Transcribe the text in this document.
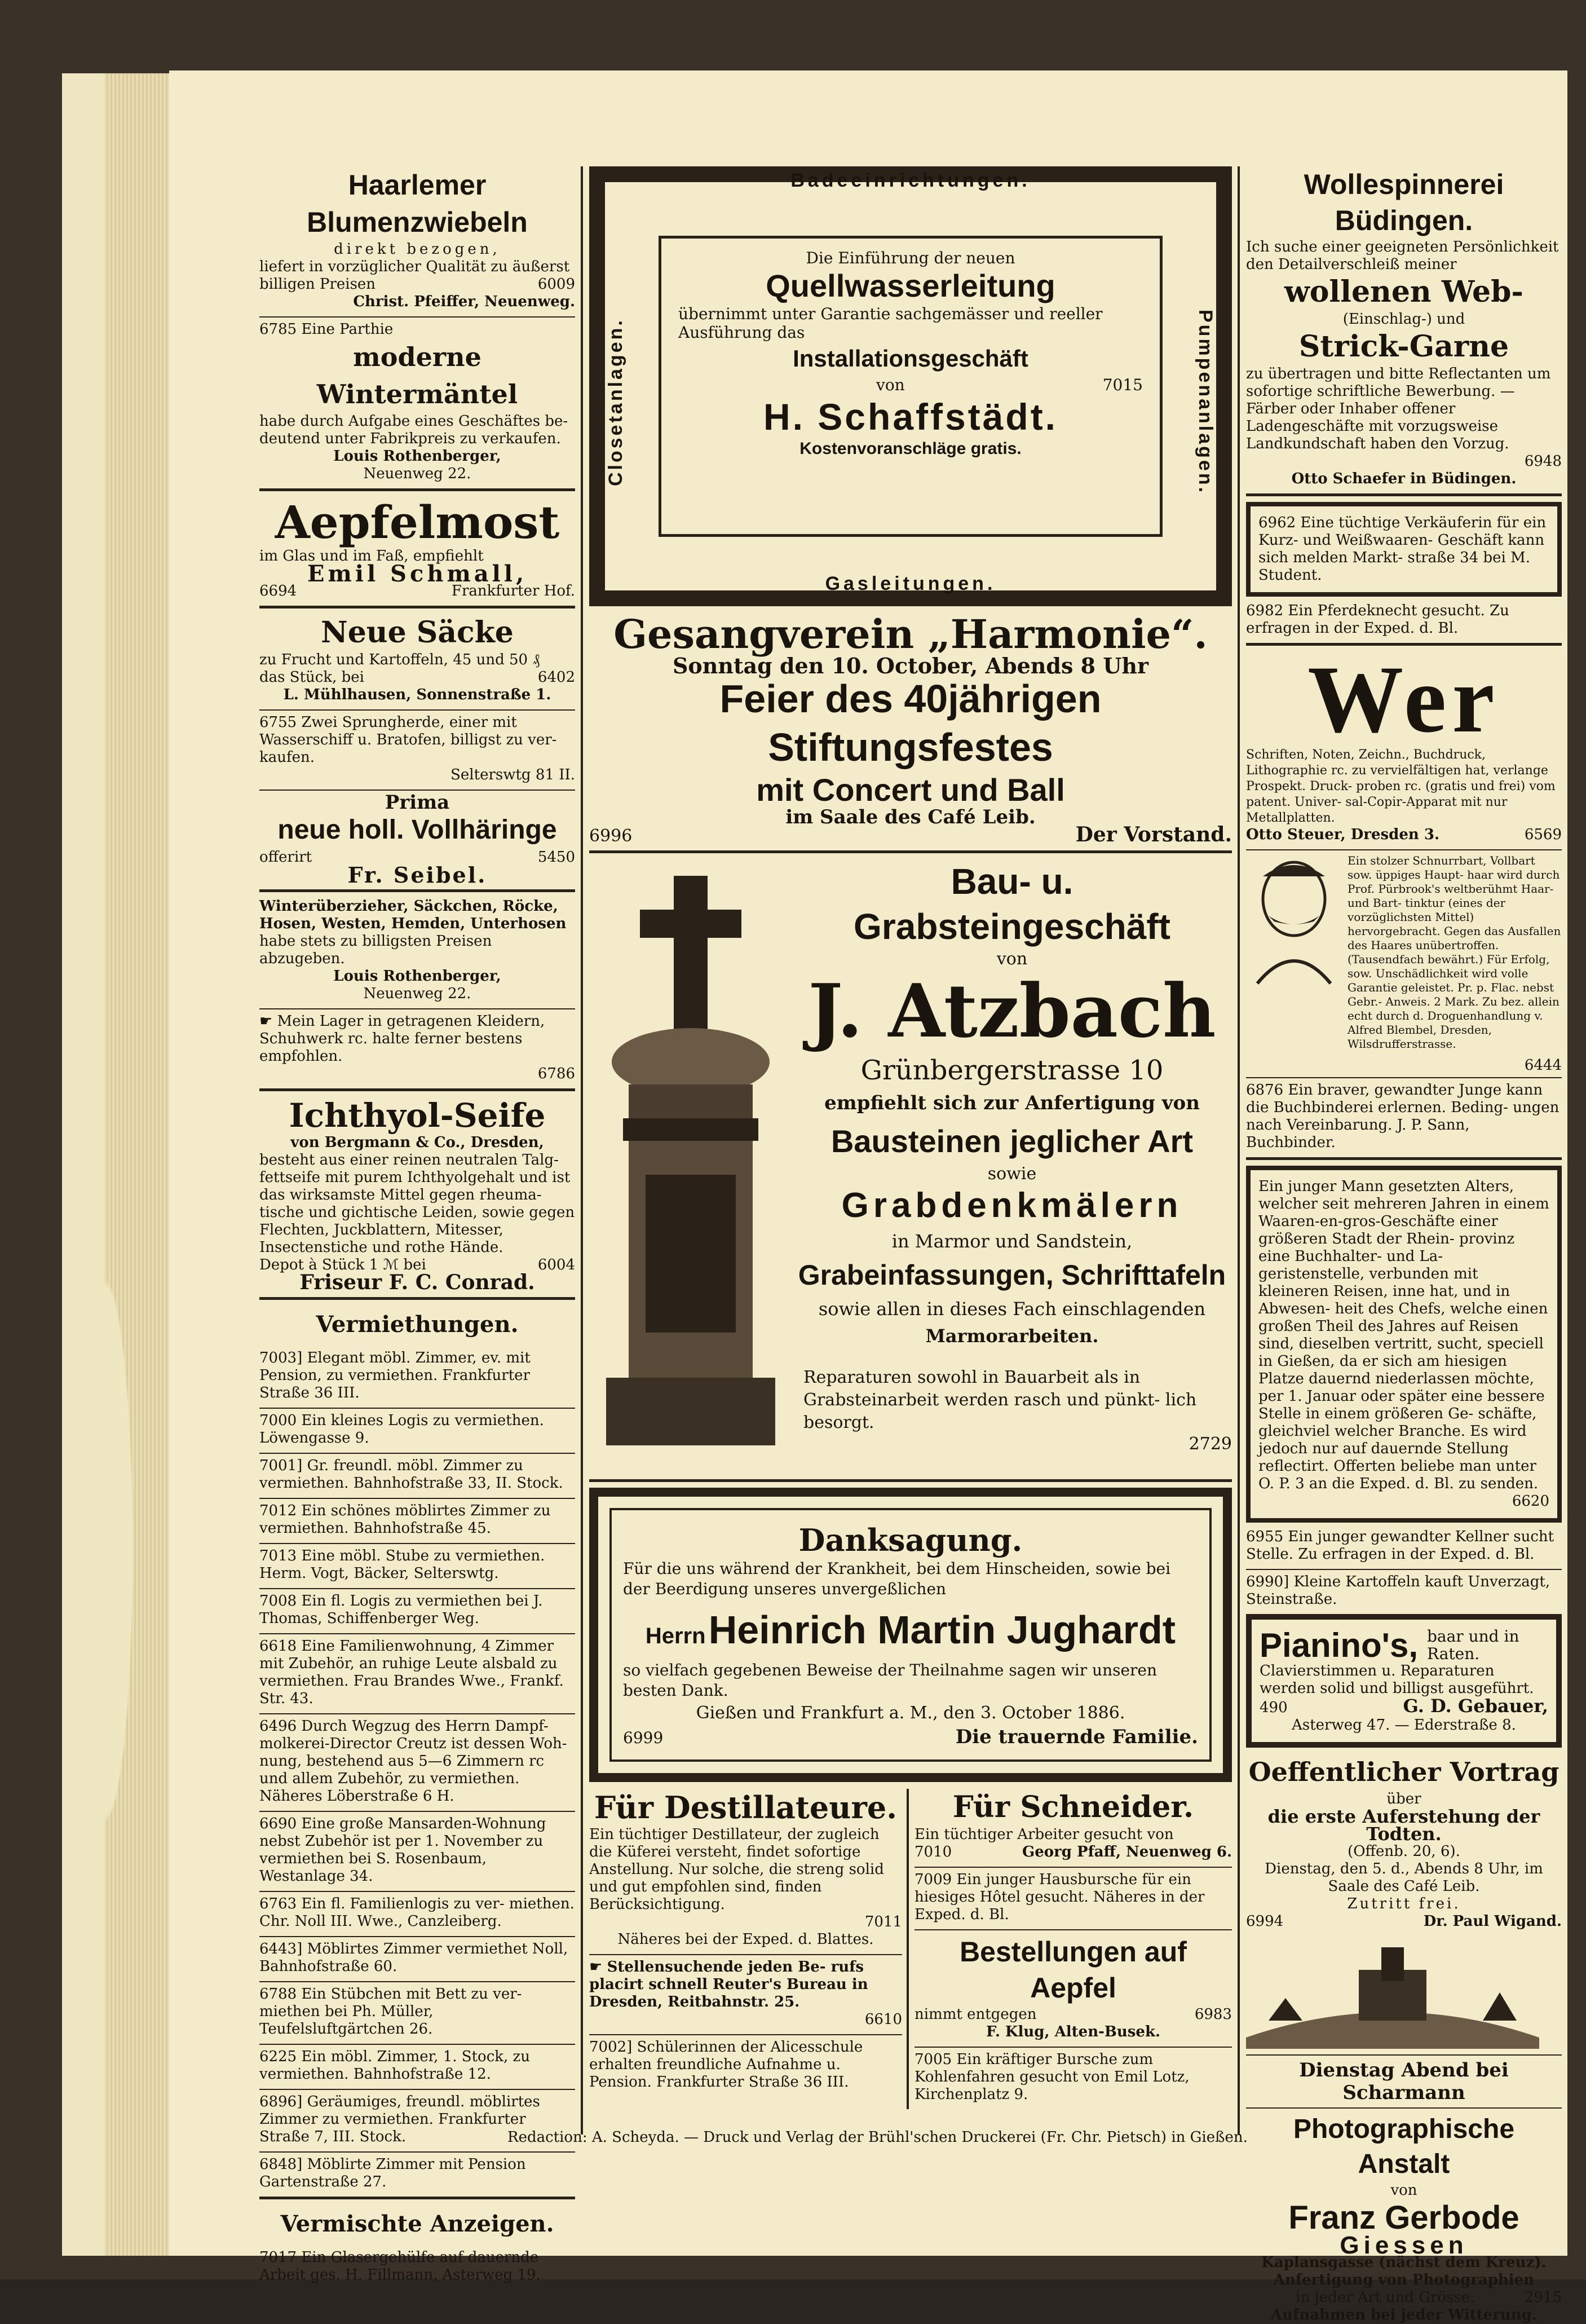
Haarlemer Blumenzwiebeln
direkt bezogen,
liefert in vorzüglicher Qualität zu äußerst
billigen Preisen	6009
Christ. Pfeiffer, Neuenweg.
6785 Eine Parthie
moderne Wintermäntel
habe durch Aufgabe eines Geschäftes be-
deutend unter Fabrikpreis zu verkaufen.
Louis Rothenberger,
Neuenweg 22.
Aepfelmost
im Glas und im Faß, empfiehlt
Emil Schmall,
6694	Frankfurter Hof.
Neue Säcke
zu Frucht und Kartoffeln, 45 und 50 ₰
das Stück, bei	6402
L. Mühlhausen, Sonnenstraße 1.
6755 Zwei Sprungherde, einer mit Wasserschiff u. Bratofen, billigst zu ver- kaufen.
Selterswtg 81 II.
Prima
neue holl. Vollhäringe
offerirt	5450
Fr. Seibel.
Winterüberzieher, Säckchen, Röcke, Hosen, Westen, Hemden, Unterhosen
habe stets zu billigsten Preisen abzugeben.
Louis Rothenberger,
Neuenweg 22.
☛ Mein Lager in getragenen Kleidern, Schuhwerk rc. halte ferner bestens empfohlen.
6786
Ichthyol-Seife
von Bergmann & Co., Dresden,
besteht aus einer reinen neutralen Talg- fettseife mit purem Ichthyolgehalt und ist das wirksamste Mittel gegen rheuma- tische und gichtische Leiden, sowie gegen Flechten, Juckblattern, Mitesser, Insectenstiche und rothe Hände.
Depot à Stück 1 ℳ bei	6004
Friseur F. C. Conrad.
Vermiethungen.
7003] Elegant möbl. Zimmer, ev. mit Pension, zu vermiethen. Frankfurter Straße 36 III.
7000 Ein kleines Logis zu vermiethen. Löwengasse 9.
7001] Gr. freundl. möbl. Zimmer zu vermiethen. Bahnhofstraße 33, II. Stock.
7012 Ein schönes möblirtes Zimmer zu vermiethen. Bahnhofstraße 45.
7013 Eine möbl. Stube zu vermiethen. Herm. Vogt, Bäcker, Selterswtg.
7008 Ein fl. Logis zu vermiethen bei J. Thomas, Schiffenberger Weg.
6618 Eine Familienwohnung, 4 Zimmer mit Zubehör, an ruhige Leute alsbald zu vermiethen. Frau Brandes Wwe., Frankf. Str. 43.
6496 Durch Wegzug des Herrn Dampf- molkerei-Director Creutz ist dessen Woh- nung, bestehend aus 5—6 Zimmern rc und allem Zubehör, zu vermiethen. Näheres Löberstraße 6 H.
6690 Eine große Mansarden-Wohnung nebst Zubehör ist per 1. November zu vermiethen bei S. Rosenbaum, Westanlage 34.
6763 Ein fl. Familienlogis zu ver- miethen. Chr. Noll III. Wwe., Canzleiberg.
6443] Möblirtes Zimmer vermiethet Noll, Bahnhofstraße 60.
6788 Ein Stübchen mit Bett zu ver- miethen bei Ph. Müller, Teufelsluftgärtchen 26.
6225 Ein möbl. Zimmer, 1. Stock, zu vermiethen. Bahnhofstraße 12.
6896] Geräumiges, freundl. möblirtes Zimmer zu vermiethen. Frankfurter Straße 7, III. Stock.
6848] Möblirte Zimmer mit Pension Gartenstraße 27.
Vermischte Anzeigen.
7017 Ein Glasergehülfe auf dauernde Arbeit ges. H. Fillmann, Asterweg 19.
Badeeinrichtungen.
Closetanlagen.	Pumpenanlagen.
Die Einführung der neuen
Quellwasserleitung
übernimmt unter Garantie sachgemässer und reeller Ausführung das
Installationsgeschäft
von	7015
H. Schaffstädt.
Kostenvoranschläge gratis.
Gasleitungen.
Gesangverein „Harmonie“.
Sonntag den 10. October, Abends 8 Uhr
Feier des 40jährigen Stiftungsfestes
mit Concert und Ball
im Saale des Café Leib.
6996	Der Vorstand.
Bau- u. Grabsteingeschäft
von
J. Atzbach
Grünbergerstrasse 10
empfiehlt sich zur Anfertigung von
Bausteinen jeglicher Art
sowie
Grabdenkmälern
in Marmor und Sandstein,
Grabeinfassungen, Schrifttafeln
sowie allen in dieses Fach einschlagenden
Marmorarbeiten.
Reparaturen sowohl in Bauarbeit als in Grabsteinarbeit werden rasch und pünkt- lich besorgt.
2729
Danksagung.
Für die uns während der Krankheit, bei dem Hinscheiden, sowie bei der Beerdigung unseres unvergeßlichen
Herrn Heinrich Martin Jughardt
so vielfach gegebenen Beweise der Theilnahme sagen wir unseren besten Dank.
Gießen und Frankfurt a. M., den 3. October 1886.
6999	Die trauernde Familie.
Für Destillateure.
Ein tüchtiger Destillateur, der zugleich die Küferei versteht, findet sofortige Anstellung. Nur solche, die streng solid und gut empfohlen sind, finden Berücksichtigung.
7011
Näheres bei der Exped. d. Blattes.
☛ Stellensuchende jeden Be- rufs placirt schnell Reuter's Bureau in Dresden, Reitbahnstr. 25.
6610
7002] Schülerinnen der Alicesschule erhalten freundliche Aufnahme u. Pension. Frankfurter Straße 36 III.
Für Schneider.
Ein tüchtiger Arbeiter gesucht von
7010	Georg Pfaff, Neuenweg 6.
7009 Ein junger Hausbursche für ein hiesiges Hôtel gesucht. Näheres in der Exped. d. Bl.
Bestellungen auf Aepfel
nimmt entgegen	6983
F. Klug, Alten-Busek.
7005 Ein kräftiger Bursche zum Kohlenfahren gesucht von Emil Lotz, Kirchenplatz 9.
Wollespinnerei Büdingen.
Ich suche einer geeigneten Persönlichkeit den Detailverschleiß meiner
wollenen Web-
(Einschlag-) und
Strick-Garne
zu übertragen und bitte Reflectanten um sofortige schriftliche Bewerbung. — Färber oder Inhaber offener Ladengeschäfte mit vorzugsweise Landkundschaft haben den Vorzug.
6948
Otto Schaefer in Büdingen.
6962 Eine tüchtige Verkäuferin für ein Kurz- und Weißwaaren- Geschäft kann sich melden Markt- straße 34 bei M. Student.
6982 Ein Pferdeknecht gesucht. Zu erfragen in der Exped. d. Bl.
Wer
Schriften, Noten, Zeichn., Buchdruck, Lithographie rc. zu vervielfältigen hat, verlange Prospekt. Druck- proben rc. (gratis und frei) vom patent. Univer- sal-Copir-Apparat mit nur Metallplatten.
Otto Steuer, Dresden 3.	6569
Ein stolzer Schnurrbart, Vollbart sow. üppiges Haupt- haar wird durch Prof. Pürbrook's weltberühmt Haar- und Bart- tinktur (eines der vorzüglichsten Mittel) hervorgebracht. Gegen das Ausfallen des Haares unübertroffen. (Tausendfach bewährt.) Für Erfolg, sow. Unschädlichkeit wird volle Garantie geleistet. Pr. p. Flac. nebst Gebr.- Anweis. 2 Mark. Zu bez. allein echt durch d. Droguenhandlung v. Alfred Blembel, Dresden, Wilsdrufferstrasse.
6444
6876 Ein braver, gewandter Junge kann die Buchbinderei erlernen. Beding- ungen nach Vereinbarung. J. P. Sann, Buchbinder.
Ein junger Mann gesetzten Alters, welcher seit mehreren Jahren in einem Waaren-en-gros-Geschäfte einer größeren Stadt der Rhein- provinz eine Buchhalter- und La- geristenstelle, verbunden mit kleineren Reisen, inne hat, und in Abwesen- heit des Chefs, welche einen großen Theil des Jahres auf Reisen sind, dieselben vertritt, sucht, speciell in Gießen, da er sich am hiesigen Platze dauernd niederlassen möchte, per 1. Januar oder später eine bessere Stelle in einem größeren Ge- schäfte, gleichviel welcher Branche. Es wird jedoch nur auf dauernde Stellung reflectirt. Offerten beliebe man unter O. P. 3 an die Exped. d. Bl. zu senden.
6620
6955 Ein junger gewandter Kellner sucht Stelle. Zu erfragen in der Exped. d. Bl.
6990] Kleine Kartoffeln kauft Unverzagt, Steinstraße.
Pianino's, baar und in Raten.
Clavierstimmen u. Reparaturen werden solid und billigst ausgeführt.
490	G. D. Gebauer,
Asterweg 47. — Ederstraße 8.
Oeffentlicher Vortrag
über
die erste Auferstehung der Todten.
(Offenb. 20, 6).
Dienstag, den 5. d., Abends 8 Uhr, im Saale des Café Leib.
Zutritt frei.
6994	Dr. Paul Wigand.
Dienstag Abend bei Scharmann
Photographische Anstalt
von
Franz Gerbode
Giessen
Kaplansgasse (nächst dem Kreuz).
Anfertigung von Photographien
in jeder Art und Grösse.	2915
Aufnahmen bei jeder Witterung.
Redaction: A. Scheyda. — Druck und Verlag der Brühl'schen Druckerei (Fr. Chr. Pietsch) in Gießen.
